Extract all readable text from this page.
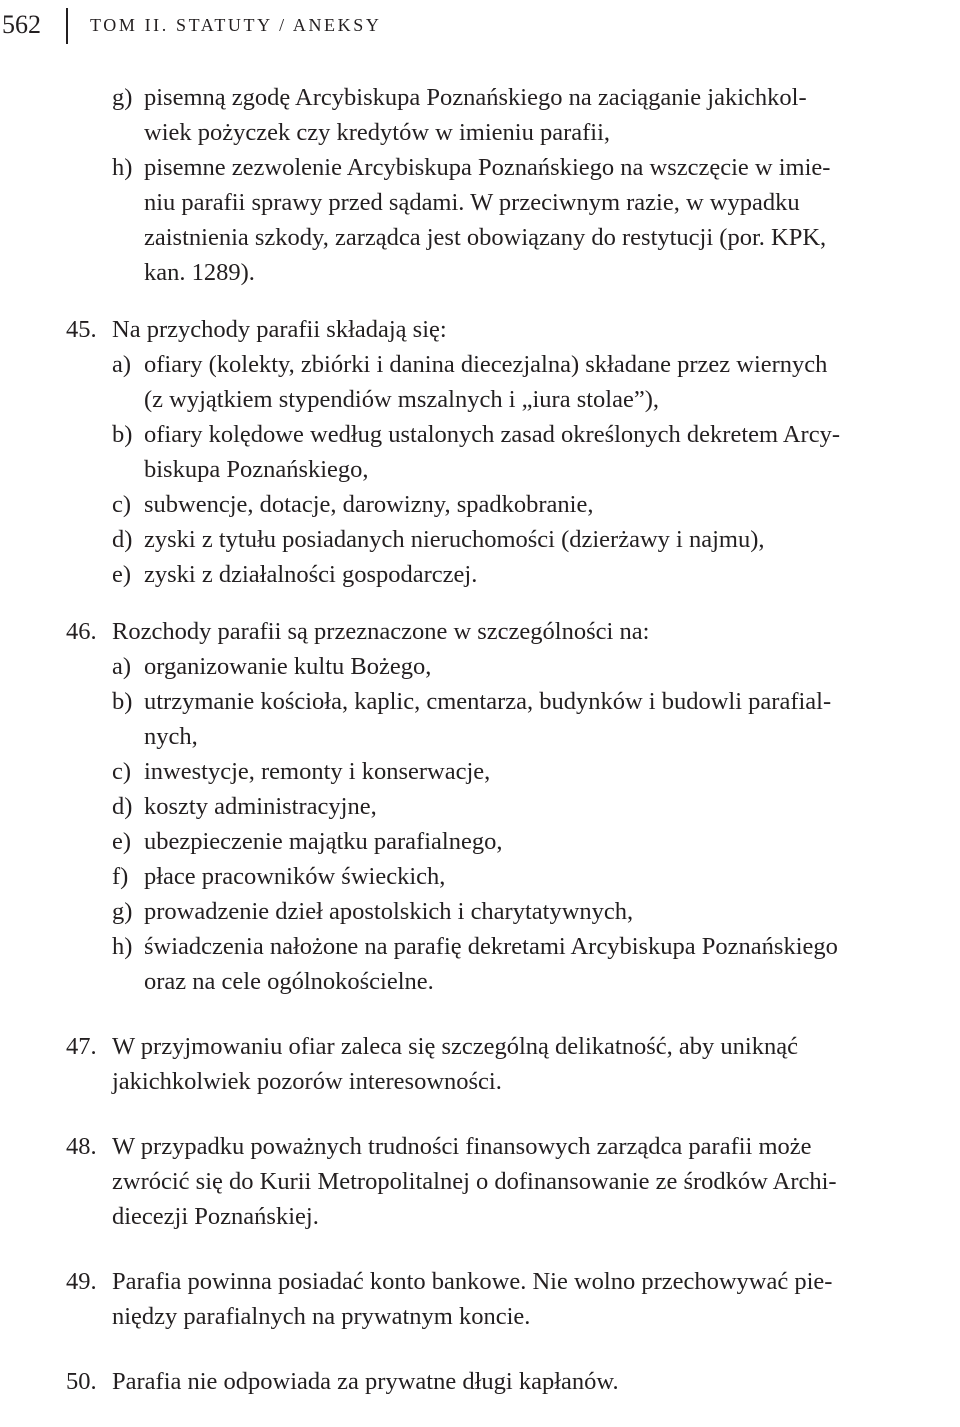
562	TOM II. STATUTY / ANEKSY
g) pisemną zgodę Arcybiskupa Poznańskiego na zaciąganie jakichkol-
wiek pożyczek czy kredytów w imieniu parafii,
h) pisemne zezwolenie Arcybiskupa Poznańskiego na wszczęcie w imie-
niu parafii sprawy przed sądami. W przeciwnym razie, w wypadku
zaistnienia szkody, zarządca jest obowiązany do restytucji (por. KPK,
kan. 1289).
45. Na przychody parafii składają się:
a) ofiary (kolekty, zbiórki i danina diecezjalna) składane przez wiernych
(z wyjątkiem stypendiów mszalnych i „iura stolae”),
b) ofiary kolędowe według ustalonych zasad określonych dekretem Arcy-
biskupa Poznańskiego,
c) subwencje, dotacje, darowizny, spadkobranie,
d) zyski z tytułu posiadanych nieruchomości (dzierżawy i najmu),
e) zyski z działalności gospodarczej.
46. Rozchody parafii są przeznaczone w szczególności na:
a) organizowanie kultu Bożego,
b) utrzymanie kościoła, kaplic, cmentarza, budynków i budowli parafial-
nych,
c) inwestycje, remonty i konserwacje,
d) koszty administracyjne,
e) ubezpieczenie majątku parafialnego,
f) płace pracowników świeckich,
g) prowadzenie dzieł apostolskich i charytatywnych,
h) świadczenia nałożone na parafię dekretami Arcybiskupa Poznańskiego
oraz na cele ogólnokościelne.
47. W przyjmowaniu ofiar zaleca się szczególną delikatność, aby uniknąć
jakichkolwiek pozorów interesowności.
48. W przypadku poważnych trudności finansowych zarządca parafii może
zwrócić się do Kurii Metropolitalnej o dofinansowanie ze środków Archi-
diecezji Poznańskiej.
49. Parafia powinna posiadać konto bankowe. Nie wolno przechowywać pie-
niędzy parafialnych na prywatnym koncie.
50. Parafia nie odpowiada za prywatne długi kapłanów.
